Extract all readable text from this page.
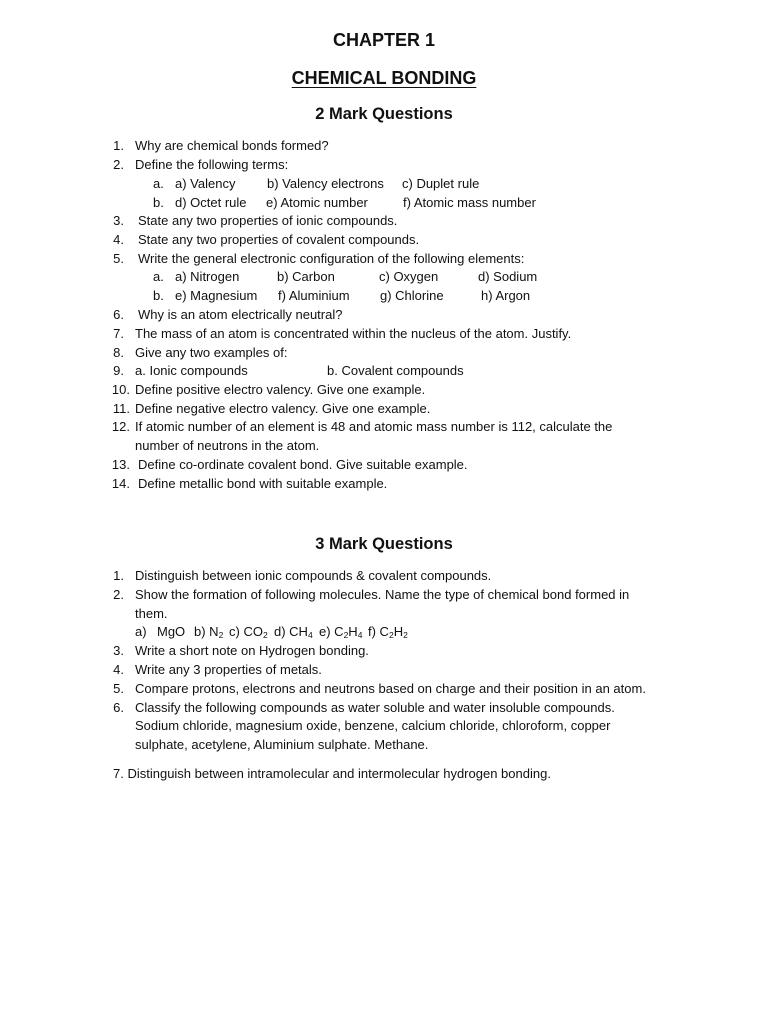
CHAPTER 1
CHEMICAL BONDING
2 Mark Questions
1. Why are chemical bonds formed?
2. Define the following terms:
a. a) Valency b) Valency electrons c) Duplet rule
b. d) Octet rule e) Atomic number	f) Atomic mass number
3. State any two properties of ionic compounds.
4. State any two properties of covalent compounds.
5. Write the general electronic configuration of the following elements:
a. a) Nitrogen	b) Carbon	c) Oxygen	d) Sodium
b. e) Magnesium f) Aluminium g) Chlorine	h) Argon
6. Why is an atom electrically neutral?
7. The mass of an atom is concentrated within the nucleus of the atom. Justify.
8. Give any two examples of:
9. a. Ionic compounds	b. Covalent compounds
10. Define positive electro valency. Give one example.
11. Define negative electro valency. Give one example.
12. If atomic number of an element is 48 and atomic mass number is 112, calculate the
number of neutrons in the atom.
13. Define co-ordinate covalent bond. Give suitable example.
14. Define metallic bond with suitable example.
3 Mark Questions
1. Distinguish between ionic compounds & covalent compounds.
2. Show the formation of following molecules. Name the type of chemical bond formed in
them.
a) MgO b) $N_2$ c) $CO_2$ d) $CH_4$ e) $C_2H_4$ f) $C_2H_2$
3. Write a short note on Hydrogen bonding.
4. Write any 3 properties of metals.
5. Compare protons, electrons and neutrons based on charge and their position in an atom.
6. Classify the following compounds as water soluble and water insoluble compounds.
Sodium chloride, magnesium oxide, benzene, calcium chloride, chloroform, copper
sulphate, acetylene, Aluminium sulphate. Methane.
7. Distinguish between intramolecular and intermolecular hydrogen bonding.
